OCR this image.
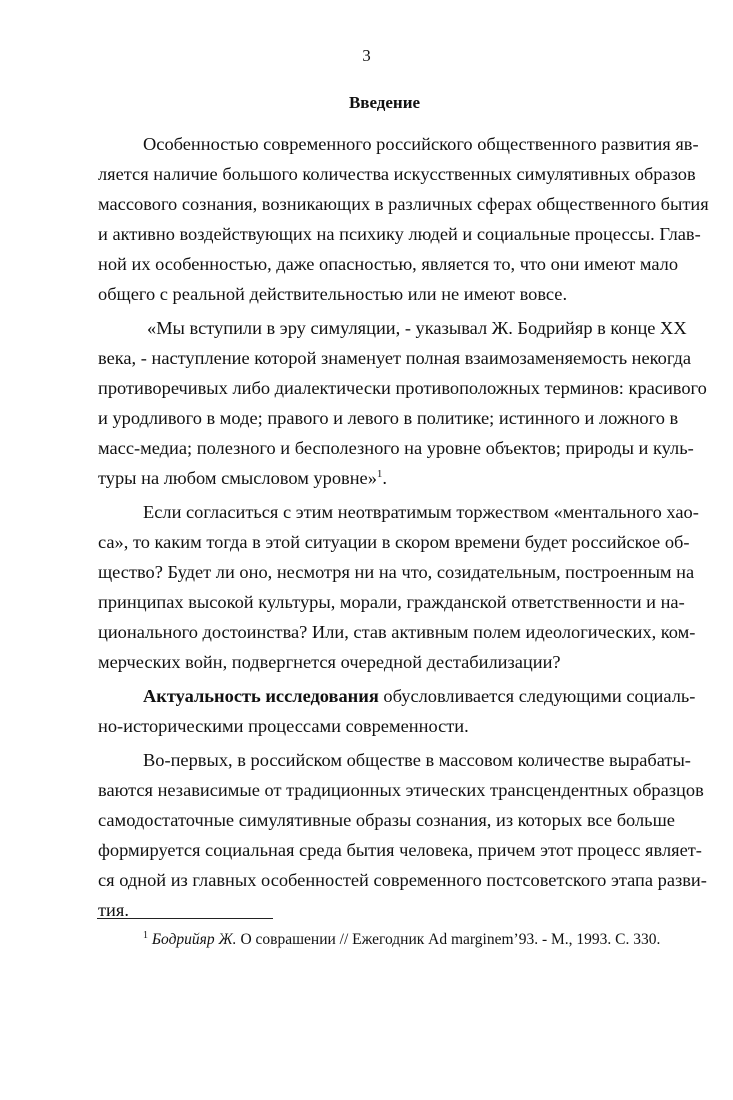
3
Введение
Особенностью современного российского общественного развития яв-
ляется наличие большого количества искусственных симулятивных образов
массового сознания, возникающих в различных сферах общественного бытия
и активно воздействующих на психику людей и социальные процессы. Глав-
ной их особенностью, даже опасностью, является то, что они имеют мало
общего с реальной действительностью или не имеют вовсе.
«Мы вступили в эру симуляции, - указывал Ж. Бодрийяр в конце XX
века, - наступление которой знаменует полная взаимозаменяемость некогда
противоречивых либо диалектически противоположных терминов: красивого
и уродливого в моде; правого и левого в политике; истинного и ложного в
масс-медиа; полезного и бесполезного на уровне объектов; природы и куль-
туры на любом смысловом уровне»$^1$.
Если согласиться с этим неотвратимым торжеством «ментального хао-
са», то каким тогда в этой ситуации в скором времени будет российское об-
щество? Будет ли оно, несмотря ни на что, созидательным, построенным на
принципах высокой культуры, морали, гражданской ответственности и на-
ционального достоинства? Или, став активным полем идеологических, ком-
мерческих войн, подвергнется очередной дестабилизации?
Актуальность исследования обусловливается следующими социаль-
но-историческими процессами современности.
Во-первых, в российском обществе в массовом количестве вырабаты-
ваются независимые от традиционных этических трансцендентных образцов
самодостаточные симулятивные образы сознания, из которых все больше
формируется социальная среда бытия человека, причем этот процесс являет-
ся одной из главных особенностей современного постсоветского этапа разви-
тия.
$^1$ Бодрийяр Ж. О соврашении // Ежегодник Ad marginem’93. - М., 1993. С. 330.
